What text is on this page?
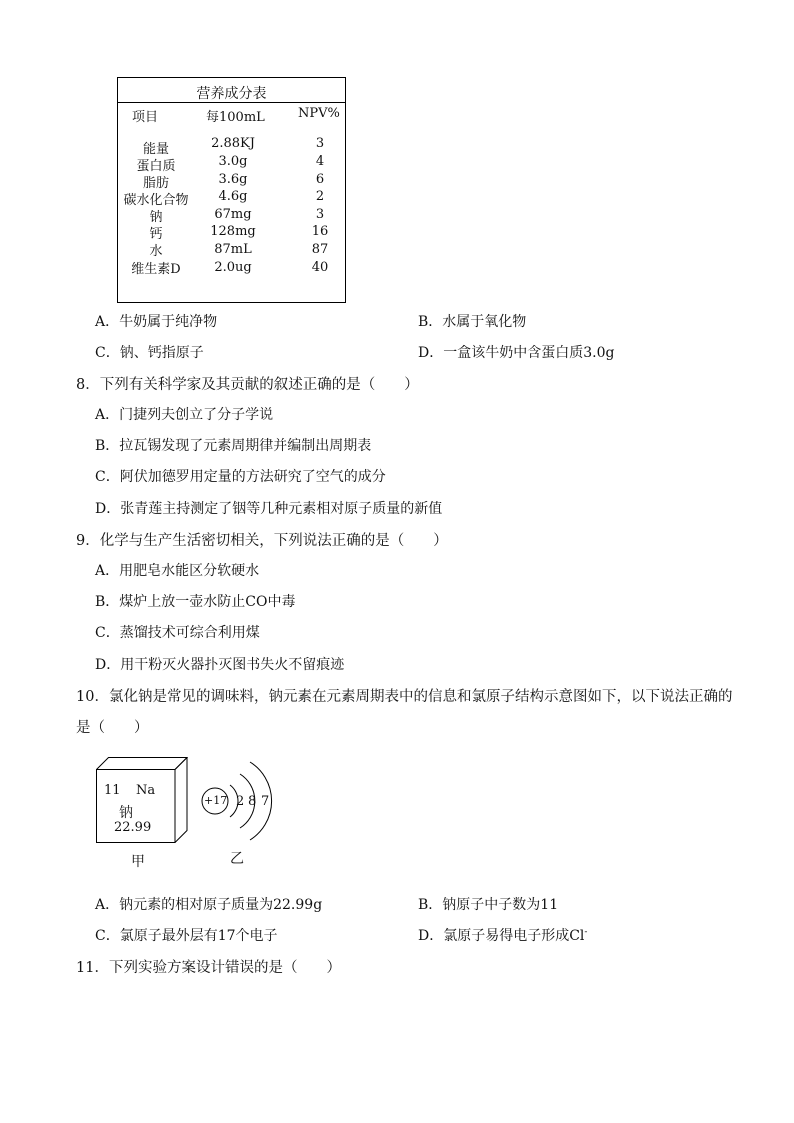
营养成分表
项目	每100mL	NPV%
能量	2.88KJ	3
蛋白质	3.0g	4
脂肪	3.6g	6
碳水化合物	4.6g	2
钠	67mg	3
钙	128mg	16
水	87mL	87
维生素D	2.0ug	40
A．牛奶属于纯净物	B．水属于氧化物
C．钠、钙指原子	D．一盒该牛奶中含蛋白质3.0g
8．下列有关科学家及其贡献的叙述正确的是（　　）
A．门捷列夫创立了分子学说
B．拉瓦锡发现了元素周期律并编制出周期表
C．阿伏加德罗用定量的方法研究了空气的成分
D．张青莲主持测定了铟等几种元素相对原子质量的新值
9．化学与生产生活密切相关，下列说法正确的是（　　）
A．用肥皂水能区分软硬水
B．煤炉上放一壶水防止CO中毒
C．蒸馏技术可综合利用煤
D．用干粉灭火器扑灭图书失火不留痕迹
10．氯化钠是常见的调味料，钠元素在元素周期表中的信息和氯原子结构示意图如下，以下说法正确的
是（　　）
11 Na
钠
22.99
甲
+17 2 8 7
乙
A．钠元素的相对原子质量为22.99g	B．钠原子中子数为11
C．氯原子最外层有17个电子	D．氯原子易得电子形成Cl-
11．下列实验方案设计错误的是（　　）
